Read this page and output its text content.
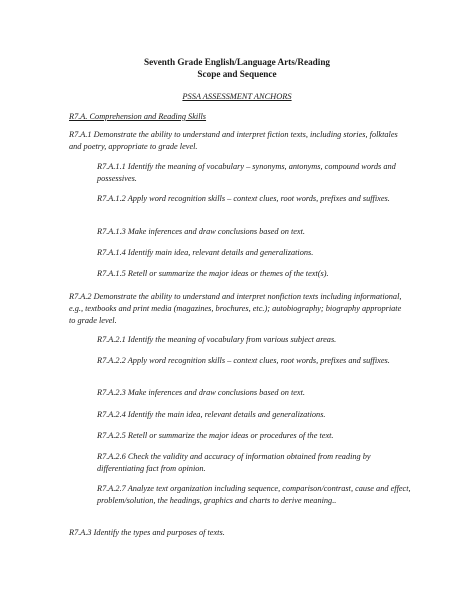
Seventh Grade English/Language Arts/Reading
Scope and Sequence
PSSA ASSESSMENT ANCHORS

R7.A. Comprehension and Reading Skills

R7.A.1 Demonstrate the ability to understand and interpret fiction texts, including stories, folktales and poetry, appropriate to grade level.

R7.A.1.1 Identify the meaning of vocabulary – synonyms, antonyms, compound words and possessives.

R7.A.1.2 Apply word recognition skills – context clues, root words, prefixes and suffixes.

R7.A.1.3 Make inferences and draw conclusions based on text.

R7.A.1.4 Identify main idea, relevant details and generalizations.

R7.A.1.5 Retell or summarize the major ideas or themes of the text(s).

R7.A.2 Demonstrate the ability to understand and interpret nonfiction texts including informational, e.g., textbooks and print media (magazines, brochures, etc.); autobiography; biography appropriate to grade level.

R7.A.2.1 Identify the meaning of vocabulary from various subject areas.

R7.A.2.2 Apply word recognition skills – context clues, root words, prefixes and suffixes.

R7.A.2.3 Make inferences and draw conclusions based on text.

R7.A.2.4 Identify the main idea, relevant details and generalizations.

R7.A.2.5 Retell or summarize the major ideas or procedures of the text.

R7.A.2.6 Check the validity and accuracy of information obtained from reading by differentiating fact from opinion.

R7.A.2.7 Analyze text organization including sequence, comparison/contrast, cause and effect, problem/solution, the headings, graphics and charts to derive meaning..

R7.A.3 Identify the types and purposes of texts.
